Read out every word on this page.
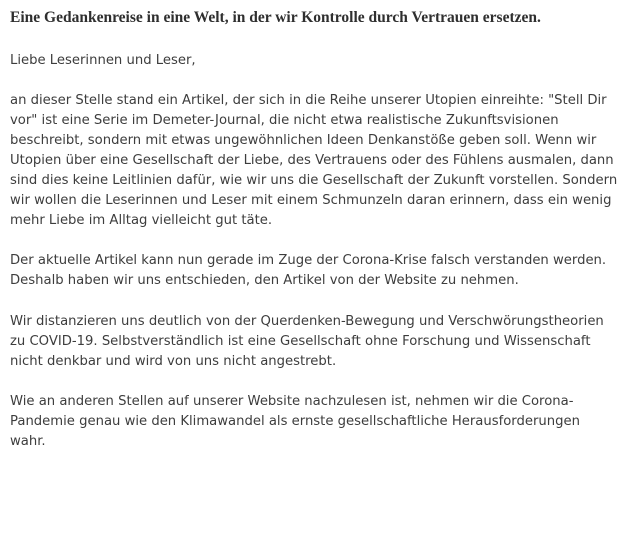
Eine Gedankenreise in eine Welt, in der wir Kontrolle durch Vertrauen ersetzen.

Liebe Leserinnen und Leser,

an dieser Stelle stand ein Artikel, der sich in die Reihe unserer Utopien einreihte: "Stell Dir vor" ist eine Serie im Demeter-Journal, die nicht etwa realistische Zukunftsvisionen beschreibt, sondern mit etwas ungewöhnlichen Ideen Denkanstöße geben soll. Wenn wir Utopien über eine Gesellschaft der Liebe, des Vertrauens oder des Fühlens ausmalen, dann sind dies keine Leitlinien dafür, wie wir uns die Gesellschaft der Zukunft vorstellen. Sondern wir wollen die Leserinnen und Leser mit einem Schmunzeln daran erinnern, dass ein wenig mehr Liebe im Alltag vielleicht gut täte.

Der aktuelle Artikel kann nun gerade im Zuge der Corona-Krise falsch verstanden werden. Deshalb haben wir uns entschieden, den Artikel von der Website zu nehmen.

Wir distanzieren uns deutlich von der Querdenken-Bewegung und Verschwörungstheorien zu COVID-19. Selbstverständlich ist eine Gesellschaft ohne Forschung und Wissenschaft nicht denkbar und wird von uns nicht angestrebt.

Wie an anderen Stellen auf unserer Website nachzulesen ist, nehmen wir die Corona-Pandemie genau wie den Klimawandel als ernste gesellschaftliche Herausforderungen wahr.
